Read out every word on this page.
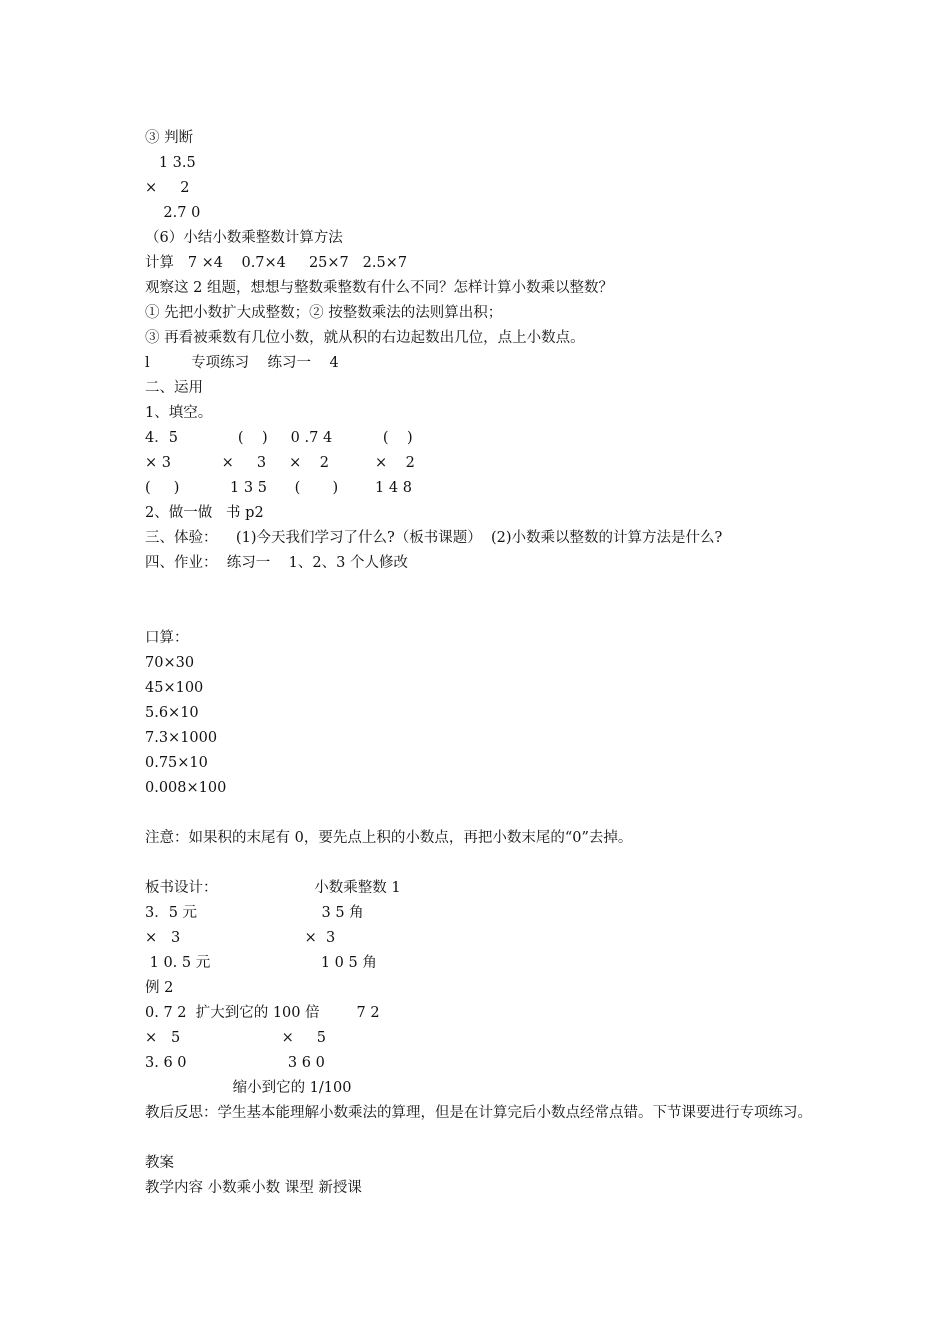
③ 判断
1 3.5
×     2
2.7 0
（6）小结小数乘整数计算方法
计算   7 ×4    0.7×4     25×7   2.5×7
观察这 2 组题，想想与整数乘整数有什么不同？怎样计算小数乘以整数？
① 先把小数扩大成整数；② 按整数乘法的法则算出积；
③ 再看被乘数有几位小数，就从积的右边起数出几位，点上小数点。
l         专项练习    练习一    4
二、运用
1、填空。
4．5             (    )     0 .7 4           (    )
× 3           ×     3     ×    2          ×    2
(     )           1 3 5      (       )        1 4 8
2、做一做   书 p2
三、体验：    (1)今天我们学习了什么?（板书课题）  (2)小数乘以整数的计算方法是什么?
四、作业：  练习一    1、2、3 个人修改
口算：
70×30
45×100
5.6×10
7.3×1000
0.75×10
0.008×100
注意：如果积的末尾有 0，要先点上积的小数点，再把小数末尾的“0”去掉。
板书设计：                     小数乘整数 1
3．5 元                           3 5 角
×   3                           ×  3
1 0. 5 元                        1 0 5 角
例 2
0. 7 2  扩大到它的 100 倍        7 2
×   5                      ×     5
3. 6 0                      3 6 0
缩小到它的 1/100
教后反思：学生基本能理解小数乘法的算理，但是在计算完后小数点经常点错。下节课要进行专项练习。
教案
教学内容 小数乘小数 课型 新授课
